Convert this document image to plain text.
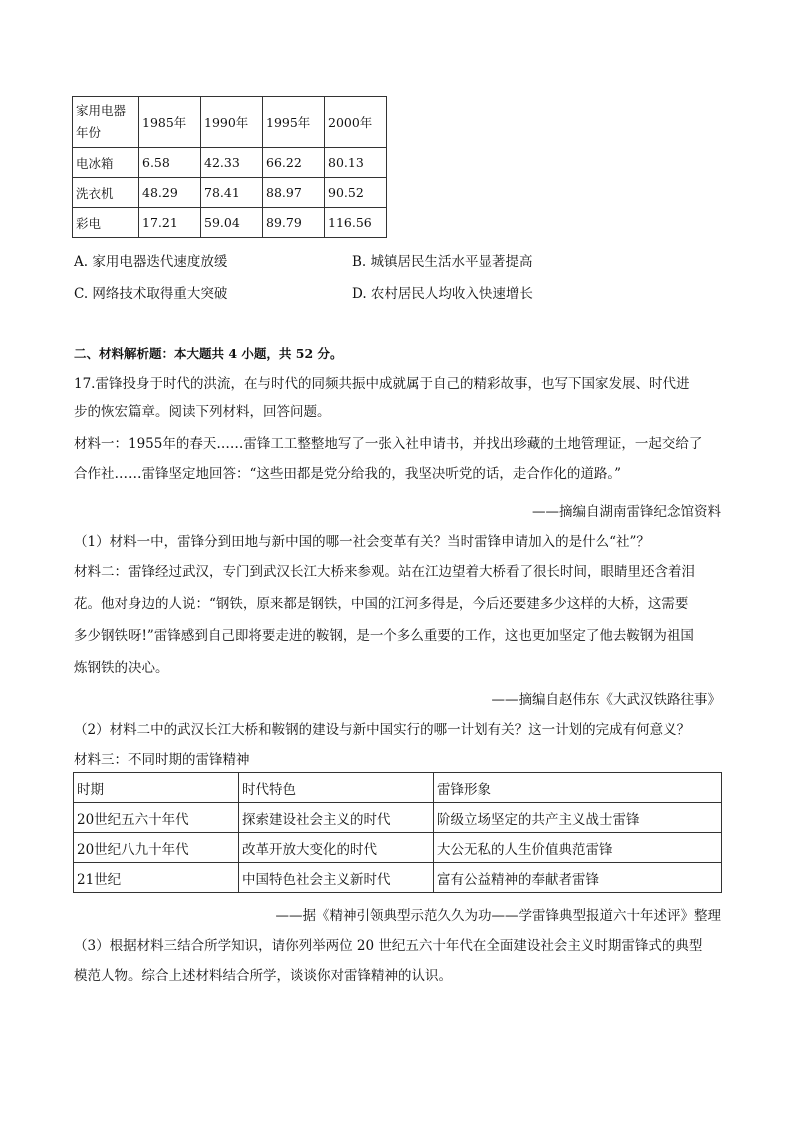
家用电器
年份	1985年	1990年	1995年	2000年
电冰箱	6.58	42.33	66.22	80.13
洗衣机	48.29	78.41	88.97	90.52
彩电	17.21	59.04	89.79	116.56
A. 家用电器迭代速度放缓	B. 城镇居民生活水平显著提高
C. 网络技术取得重大突破	D. 农村居民人均收入快速增长
二、材料解析题：本大题共 4 小题，共 52 分。
17.雷锋投身于时代的洪流，在与时代的同频共振中成就属于自己的精彩故事，也写下国家发展、时代进
步的恢宏篇章。阅读下列材料，回答问题。
材料一：1955年的春天……雷锋工工整整地写了一张入社申请书，并找出珍藏的土地管理证，一起交给了
合作社……雷锋坚定地回答：“这些田都是党分给我的，我坚决听党的话，走合作化的道路。”
——摘编自湖南雷锋纪念馆资料
（1）材料一中，雷锋分到田地与新中国的哪一社会变革有关？当时雷锋申请加入的是什么“社”？
材料二：雷锋经过武汉，专门到武汉长江大桥来参观。站在江边望着大桥看了很长时间，眼睛里还含着泪
花。他对身边的人说：“钢铁，原来都是钢铁，中国的江河多得是，今后还要建多少这样的大桥，这需要
多少钢铁呀!”雷锋感到自己即将要走进的鞍钢，是一个多么重要的工作，这也更加坚定了他去鞍钢为祖国
炼钢铁的决心。
——摘编自赵伟东《大武汉铁路往事》
（2）材料二中的武汉长江大桥和鞍钢的建设与新中国实行的哪一计划有关？这一计划的完成有何意义？
材料三：不同时期的雷锋精神
时期	时代特色	雷锋形象
20世纪五六十年代	探索建设社会主义的时代	阶级立场坚定的共产主义战士雷锋
20世纪八九十年代	改革开放大变化的时代	大公无私的人生价值典范雷锋
21世纪	中国特色社会主义新时代	富有公益精神的奉献者雷锋
——据《精神引领典型示范久久为功——学雷锋典型报道六十年述评》整理
（3）根据材料三结合所学知识，请你列举两位 20 世纪五六十年代在全面建设社会主义时期雷锋式的典型
模范人物。综合上述材料结合所学，谈谈你对雷锋精神的认识。
